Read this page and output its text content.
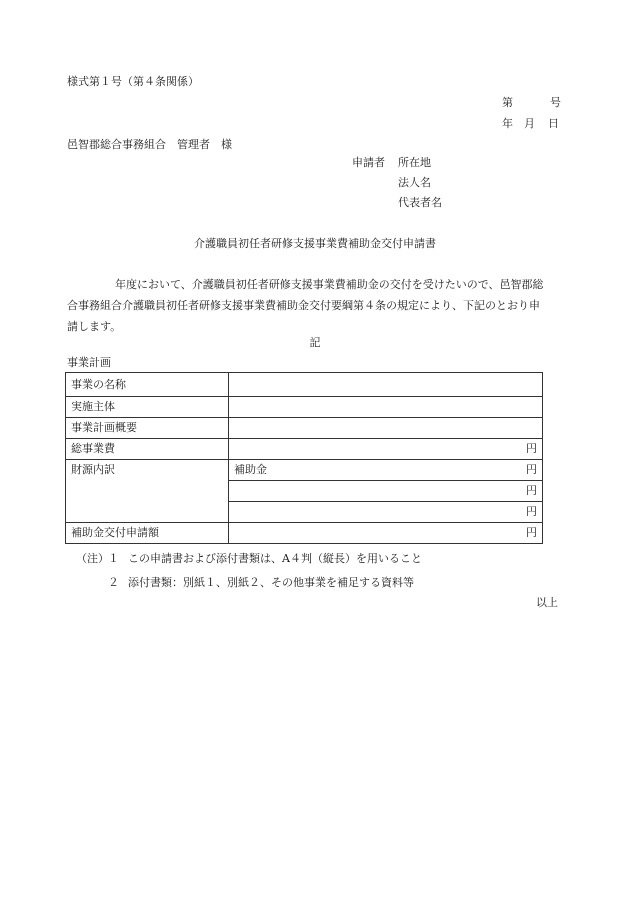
様式第１号（第４条関係）
第	号
年 月 日
邑智郡総合事務組合　管理者　様
申請者 所在地
法人名
代表者名
介護職員初任者研修支援事業費補助金交付申請書
年度において、介護職員初任者研修支援事業費補助金の交付を受けたいので、邑智郡総合事務組合介護職員初任者研修支援事業費補助金交付要綱第４条の規定により、下記のとおり申請します。
記
事業計画
事業の名称	
実施主体	
事業計画概要	
総事業費	円

財源内訳	補助金 円

	円

	円

補助金交付申請額	円
（注）１ この申請書および添付書類は、A４判（縦長）を用いること
２ 添付書類：別紙１、別紙２、その他事業を補足する資料等
以上
